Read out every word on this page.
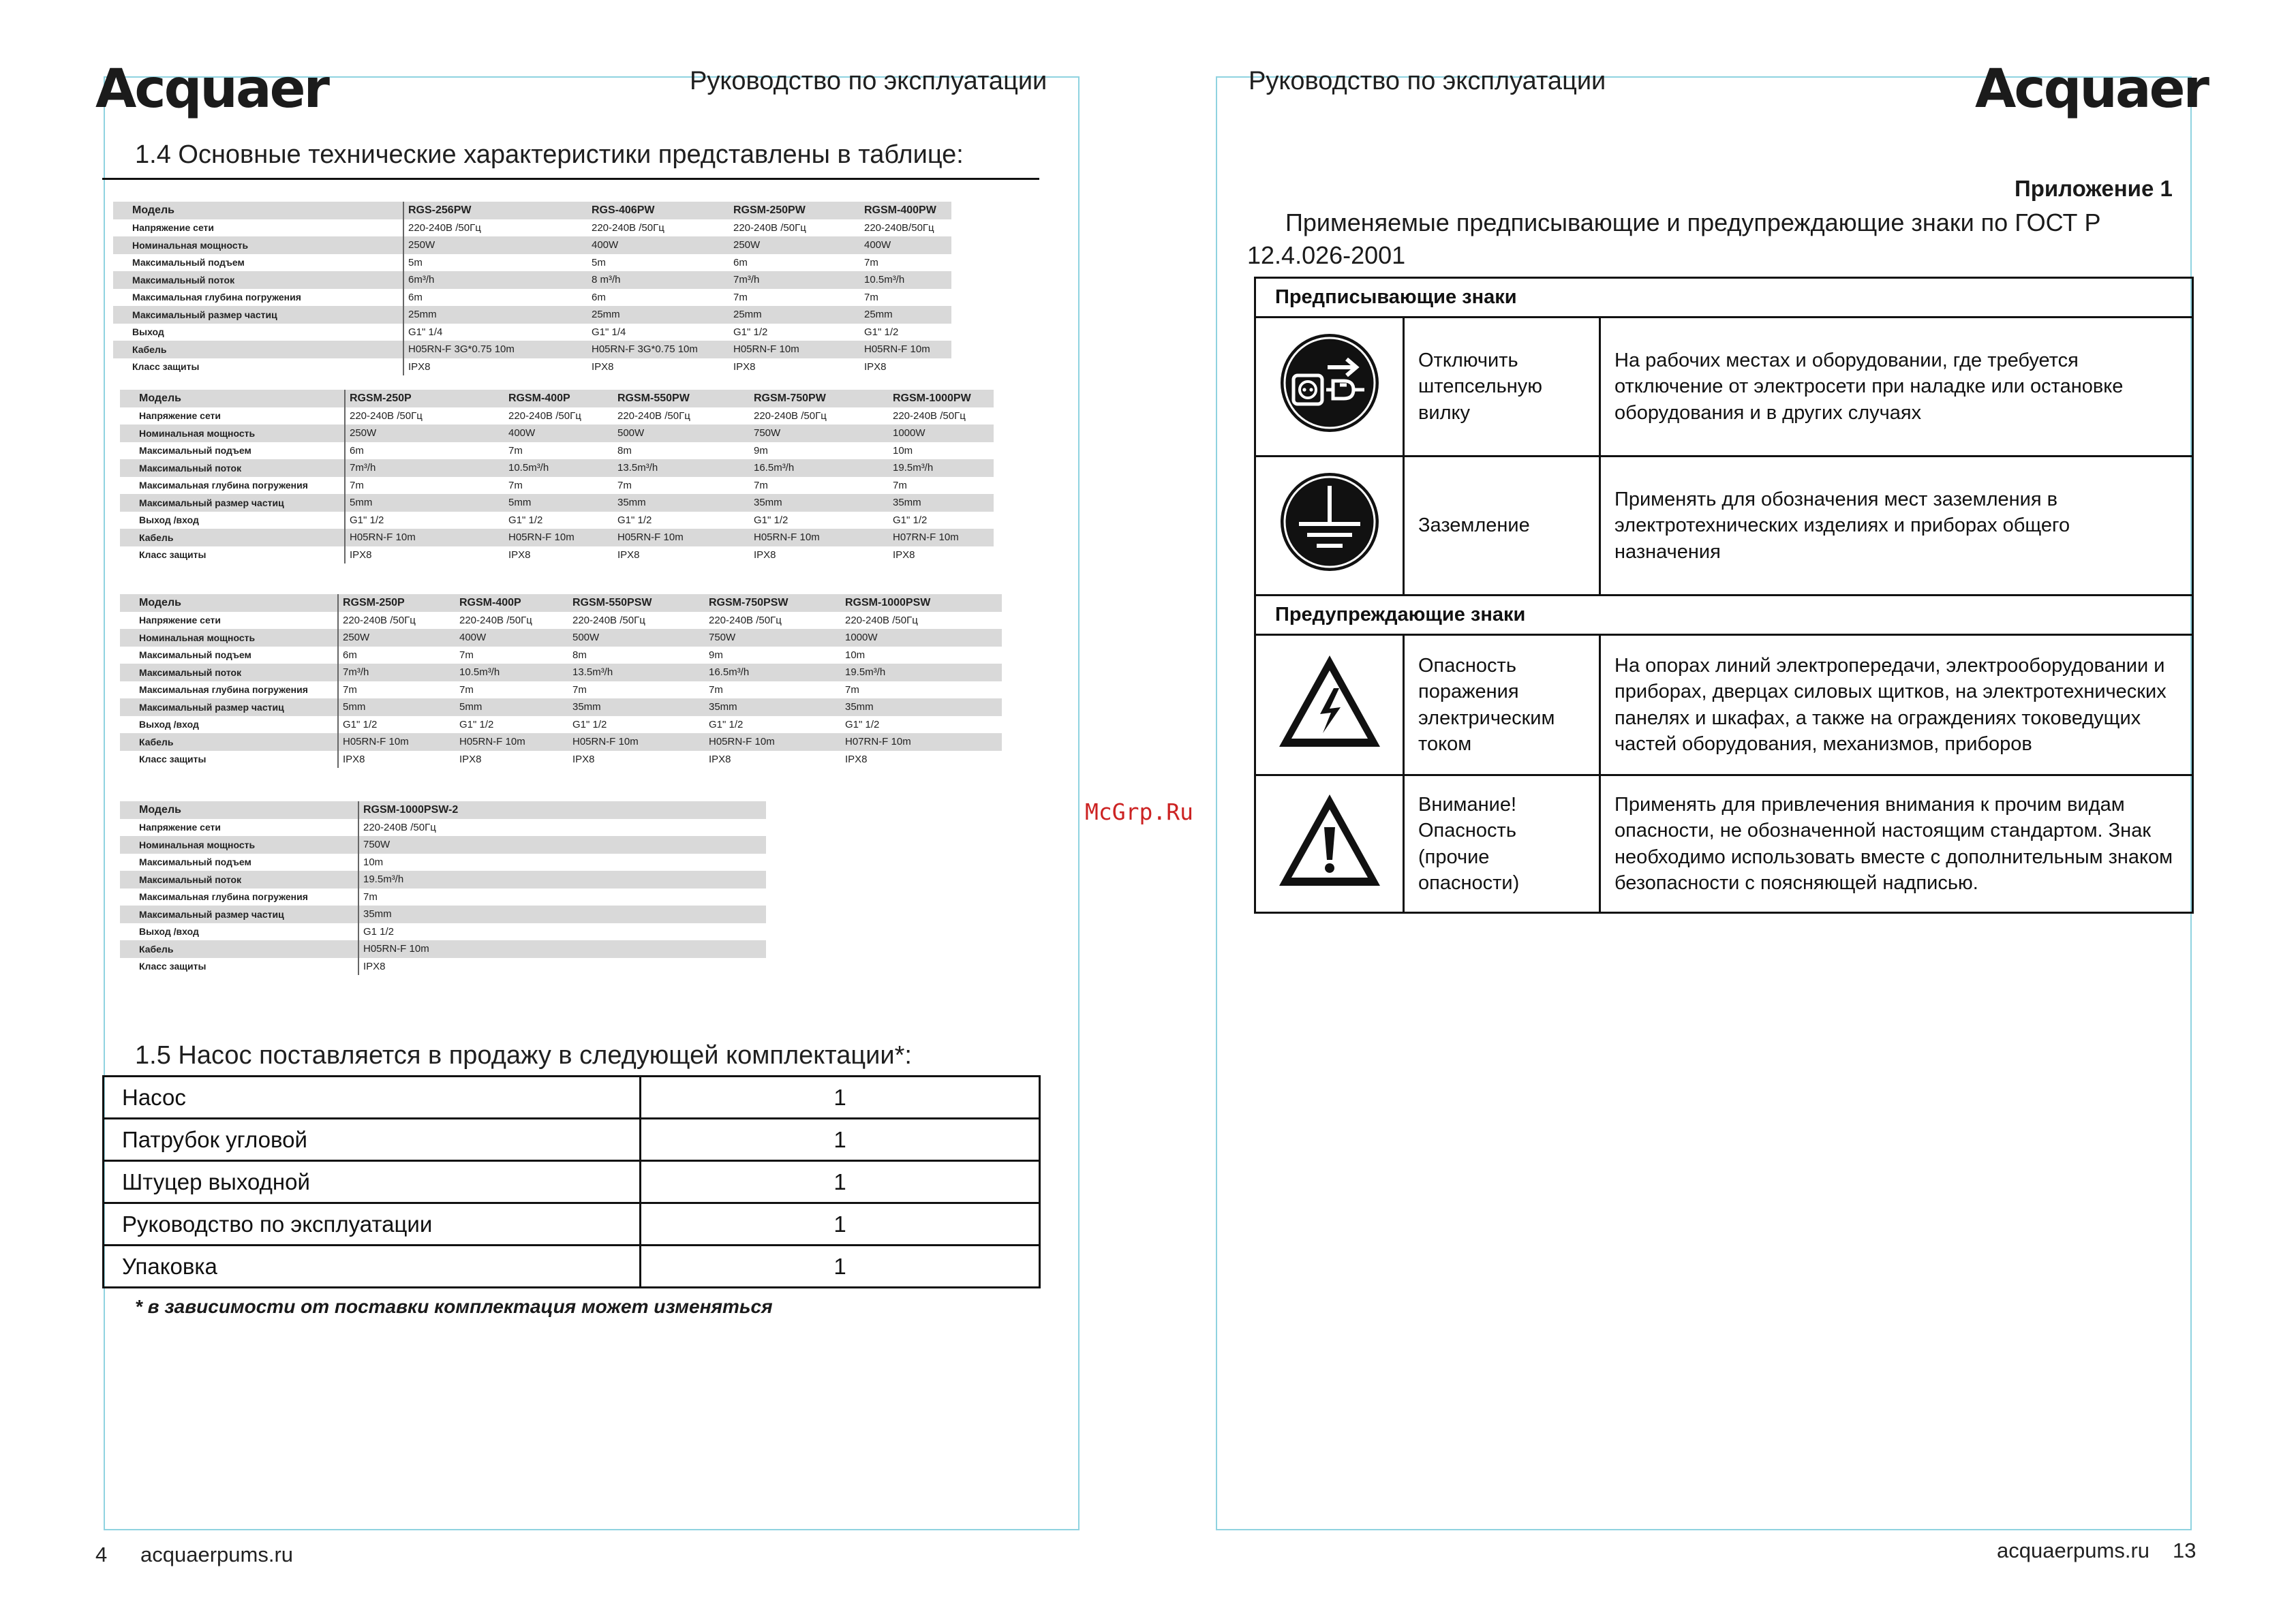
Acquaer	Руководство по эксплуатации
1.4 Основные технические характеристики представлены в таблице:
Модель	RGS-256PW	RGS-406PW	RGSM-250PW	RGSM-400PW
Напряжение сети	220-240В /50Гц	220-240В /50Гц	220-240В /50Гц	220-240В/50Гц
Номинальная мощность	250W	400W	250W	400W
Максимальный подъем	5m	5m	6m	7m
Максимальный поток	6m³/h	8 m³/h	7m³/h	10.5m³/h
Максимальная глубина погружения	6m	6m	7m	7m
Максимальный размер частиц	25mm	25mm	25mm	25mm
Выход	G1" 1/4	G1" 1/4	G1" 1/2	G1" 1/2
Кабель	H05RN-F 3G*0.75 10m	H05RN-F 3G*0.75 10m	H05RN-F 10m	H05RN-F 10m
Класс защиты	IPX8	IPX8	IPX8	IPX8
Модель	RGSM-250P	RGSM-400P	RGSM-550PW	RGSM-750PW	RGSM-1000PW
Напряжение сети	220-240В /50Гц	220-240В /50Гц	220-240В /50Гц	220-240В /50Гц	220-240В /50Гц
Номинальная мощность	250W	400W	500W	750W	1000W
Максимальный подъем	6m	7m	8m	9m	10m
Максимальный поток	7m³/h	10.5m³/h	13.5m³/h	16.5m³/h	19.5m³/h
Максимальная глубина погружения	7m	7m	7m	7m	7m
Максимальный размер частиц	5mm	5mm	35mm	35mm	35mm
Выход /вход	G1" 1/2	G1" 1/2	G1" 1/2	G1" 1/2	G1" 1/2
Кабель	H05RN-F 10m	H05RN-F 10m	H05RN-F 10m	H05RN-F 10m	H07RN-F 10m
Класс защиты	IPX8	IPX8	IPX8	IPX8	IPX8
Модель	RGSM-250P	RGSM-400P	RGSM-550PSW	RGSM-750PSW	RGSM-1000PSW
Напряжение сети	220-240В /50Гц	220-240В /50Гц	220-240В /50Гц	220-240В /50Гц	220-240В /50Гц
Номинальная мощность	250W	400W	500W	750W	1000W
Максимальный подъем	6m	7m	8m	9m	10m
Максимальный поток	7m³/h	10.5m³/h	13.5m³/h	16.5m³/h	19.5m³/h
Максимальная глубина погружения	7m	7m	7m	7m	7m
Максимальный размер частиц	5mm	5mm	35mm	35mm	35mm
Выход /вход	G1" 1/2	G1" 1/2	G1" 1/2	G1" 1/2	G1" 1/2
Кабель	H05RN-F 10m	H05RN-F 10m	H05RN-F 10m	H05RN-F 10m	H07RN-F 10m
Класс защиты	IPX8	IPX8	IPX8	IPX8	IPX8
Модель	RGSM-1000PSW-2
Напряжение сети	220-240В /50Гц
Номинальная мощность	750W
Максимальный подъем	10m
Максимальный поток	19.5m³/h
Максимальная глубина погружения	7m
Максимальный размер частиц	35mm
Выход /вход	G1 1/2
Кабель	H05RN-F 10m
Класс защиты	IPX8
1.5 Насос поставляется в продажу в следующей комплектации*:
Насос	1
Патрубок угловой	1
Штуцер выходной	1
Руководство по эксплуатации	1
Упаковка	1
* в зависимости от поставки комплектация может изменяться
4 acquaerpums.ru
McGrp.Ru
Руководство по эксплуатации	Acquaer
Приложение 1
Применяемые предписывающие и предупреждающие знаки по ГОСТ Р
12.4.026-2001
Предписывающие знаки		
	Отключить штепсельную вилку	На рабочих местах и оборудовании, где требуется отключение от электросети при наладке или остановке оборудования и в других случаях
	Заземление	Применять для обозначения мест заземления в электротехнических изделиях и приборах общего назначения
Предупреждающие знаки		
	Опасность поражения электрическим током	На опорах линий электропередачи, электрооборудовании и приборах, дверцах силовых щитков, на электротехнических панелях и шкафах, а также на ограждениях токоведущих частей оборудования, механизмов, приборов
	Внимание! Опасность (прочие опасности)	Применять для привлечения внимания к прочим видам опасности, не обозначенной настоящим стандартом. Знак необходимо использовать вместе с дополнительным знаком безопасности с поясняющей надписью.
acquaerpums.ru 13
